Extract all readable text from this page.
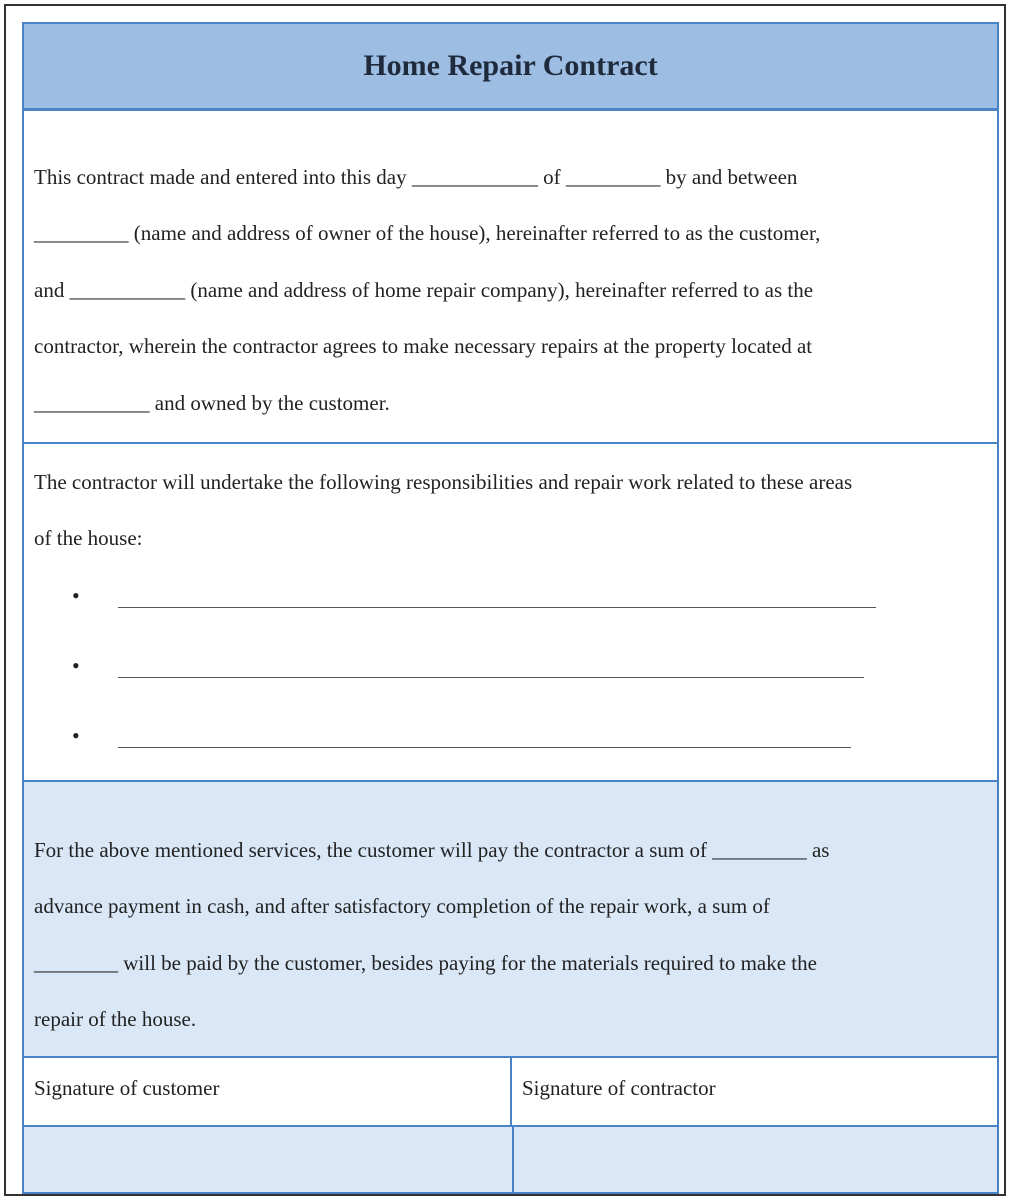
Home Repair Contract

This contract made and entered into this day ____________ of _________ by and between

_________ (name and address of owner of the house), hereinafter referred to as the customer,

and ___________ (name and address of home repair company), hereinafter referred to as the

contractor, wherein the contractor agrees to make necessary repairs at the property located at

___________ and owned by the customer.

The contractor will undertake the following responsibilities and repair work related to these areas

of the house:

•
•
•

For the above mentioned services, the customer will pay the contractor a sum of _________ as

advance payment in cash, and after satisfactory completion of the repair work, a sum of

________ will be paid by the customer, besides paying for the materials required to make the

repair of the house.

Signature of customer	Signature of contractor
